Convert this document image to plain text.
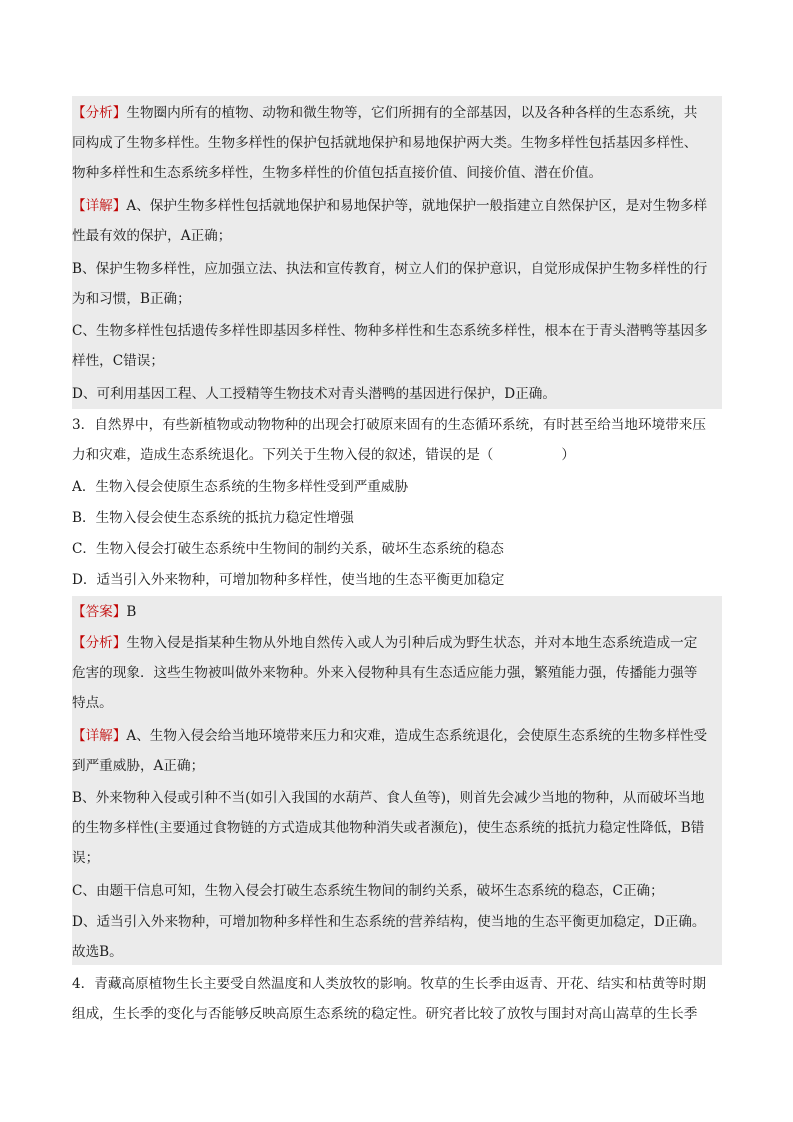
【分析】生物圈内所有的植物、动物和微生物等，它们所拥有的全部基因，以及各种各样的生态系统，共
同构成了生物多样性。生物多样性的保护包括就地保护和易地保护两大类。生物多样性包括基因多样性、
物种多样性和生态系统多样性，生物多样性的价值包括直接价值、间接价值、潜在价值。
【详解】A、保护生物多样性包括就地保护和易地保护等，就地保护一般指建立自然保护区，是对生物多样
性最有效的保护，A正确；
B、保护生物多样性，应加强立法、执法和宣传教育，树立人们的保护意识，自觉形成保护生物多样性的行
为和习惯，B正确；
C、生物多样性包括遗传多样性即基因多样性、物种多样性和生态系统多样性，根本在于青头潜鸭等基因多
样性，C错误；
D、可利用基因工程、人工授精等生物技术对青头潜鸭的基因进行保护，D正确。
3．自然界中，有些新植物或动物物种的出现会打破原来固有的生态循环系统，有时甚至给当地环境带来压
力和灾难，造成生态系统退化。下列关于生物入侵的叙述，错误的是（　　　　　）
A．生物入侵会使原生态系统的生物多样性受到严重威胁
B．生物入侵会使生态系统的抵抗力稳定性增强
C．生物入侵会打破生态系统中生物间的制约关系，破坏生态系统的稳态
D．适当引入外来物种，可增加物种多样性，使当地的生态平衡更加稳定
【答案】B
【分析】生物入侵是指某种生物从外地自然传入或人为引种后成为野生状态，并对本地生态系统造成一定
危害的现象．这些生物被叫做外来物种。外来入侵物种具有生态适应能力强，繁殖能力强，传播能力强等
特点。
【详解】A、生物入侵会给当地环境带来压力和灾难，造成生态系统退化，会使原生态系统的生物多样性受
到严重威胁，A正确；
B、外来物种入侵或引种不当(如引入我国的水葫芦、食人鱼等)，则首先会减少当地的物种，从而破坏当地
的生物多样性(主要通过食物链的方式造成其他物种消失或者濒危)，使生态系统的抵抗力稳定性降低，B错
误；
C、由题干信息可知，生物入侵会打破生态系统生物间的制约关系，破坏生态系统的稳态，C正确；
D、适当引入外来物种，可增加物种多样性和生态系统的营养结构，使当地的生态平衡更加稳定，D正确。
故选B。
4．青藏高原植物生长主要受自然温度和人类放牧的影响。牧草的生长季由返青、开花、结实和枯黄等时期
组成，生长季的变化与否能够反映高原生态系统的稳定性。研究者比较了放牧与围封对高山嵩草的生长季
